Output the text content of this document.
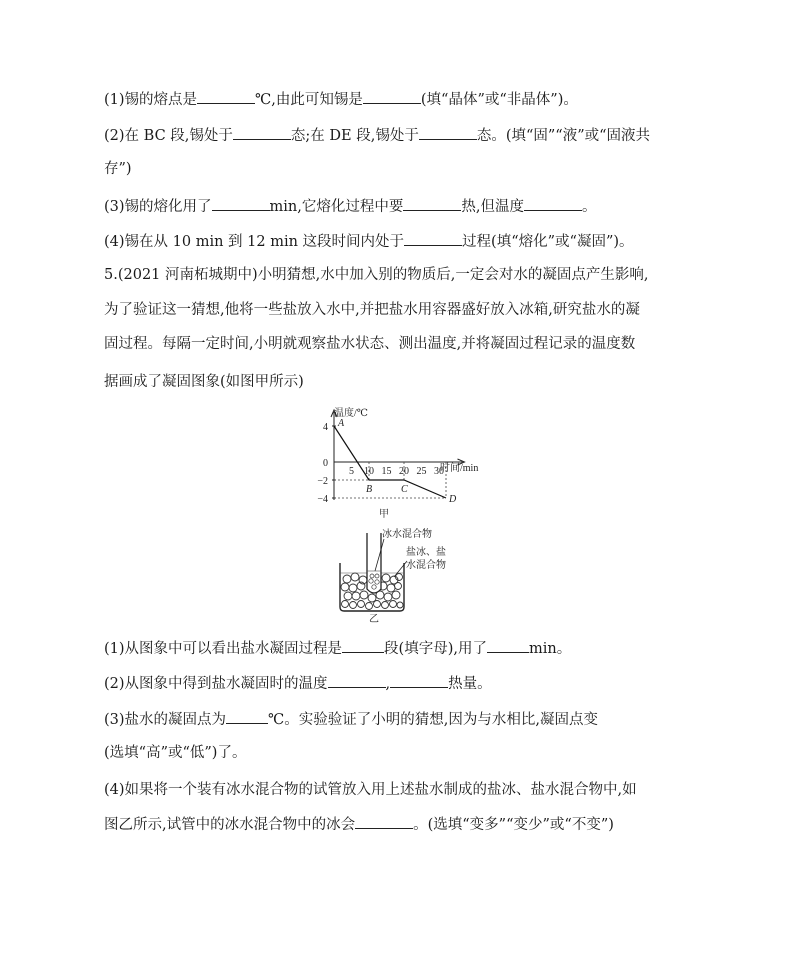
(1)锡的熔点是	℃,由此可知锡是	(填“晶体”或“非晶体”)。
(2)在 BC 段,锡处于	态;在 DE 段,锡处于	态。(填“固”“液”或“固液共
存”)
(3)锡的熔化用了	min,它熔化过程中要	热,但温度	。
(4)锡在从 10 min 到 12 min 这段时间内处于	过程(填“熔化”或“凝固”)。
5.(2021 河南柘城期中)小明猜想,水中加入别的物质后,一定会对水的凝固点产生影响,
为了验证这一猜想,他将一些盐放入水中,并把盐水用容器盛好放入冰箱,研究盐水的凝
固过程。每隔一定时间,小明就观察盐水状态、测出温度,并将凝固过程记录的温度数
据画成了凝固图象(如图甲所示)
0
5 10 15 20 25 30
4
−2
−4
A
B	C
D
温度/℃
时间/min
甲
冰水混合物
盐冰、盐
水混合物
乙
(1)从图象中可以看出盐水凝固过程是	段(填字母),用了	min。
(2)从图象中得到盐水凝固时的温度	,	热量。
(3)盐水的凝固点为	℃。实验验证了小明的猜想,因为与水相比,凝固点变
(选填“高”或“低”)了。
(4)如果将一个装有冰水混合物的试管放入用上述盐水制成的盐冰、盐水混合物中,如
图乙所示,试管中的冰水混合物中的冰会	。(选填“变多”“变少”或“不变”)
